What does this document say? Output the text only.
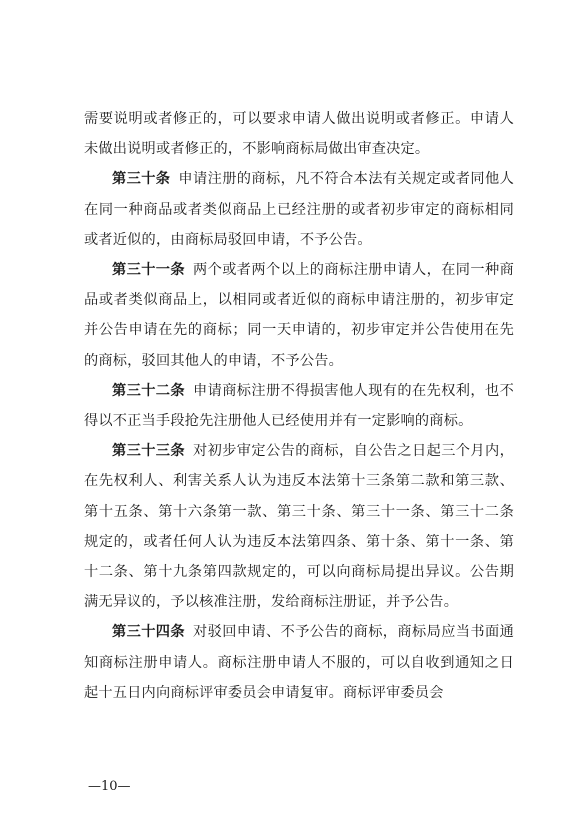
需要说明或者修正的，可以要求申请人做出说明或者修正。申请人未做出说明或者修正的，不影响商标局做出审查决定。

第三十条 申请注册的商标，凡不符合本法有关规定或者同他人在同一种商品或者类似商品上已经注册的或者初步审定的商标相同或者近似的，由商标局驳回申请，不予公告。

第三十一条 两个或者两个以上的商标注册申请人，在同一种商品或者类似商品上，以相同或者近似的商标申请注册的，初步审定并公告申请在先的商标；同一天申请的，初步审定并公告使用在先的商标，驳回其他人的申请，不予公告。

第三十二条 申请商标注册不得损害他人现有的在先权利，也不得以不正当手段抢先注册他人已经使用并有一定影响的商标。

第三十三条 对初步审定公告的商标，自公告之日起三个月内，在先权利人、利害关系人认为违反本法第十三条第二款和第三款、第十五条、第十六条第一款、第三十条、第三十一条、第三十二条规定的，或者任何人认为违反本法第四条、第十条、第十一条、第十二条、第十九条第四款规定的，可以向商标局提出异议。公告期满无异议的，予以核准注册，发给商标注册证，并予公告。

第三十四条 对驳回申请、不予公告的商标，商标局应当书面通知商标注册申请人。商标注册申请人不服的，可以自收到通知之日起十五日内向商标评审委员会申请复审。商标评审委员会

—10—
